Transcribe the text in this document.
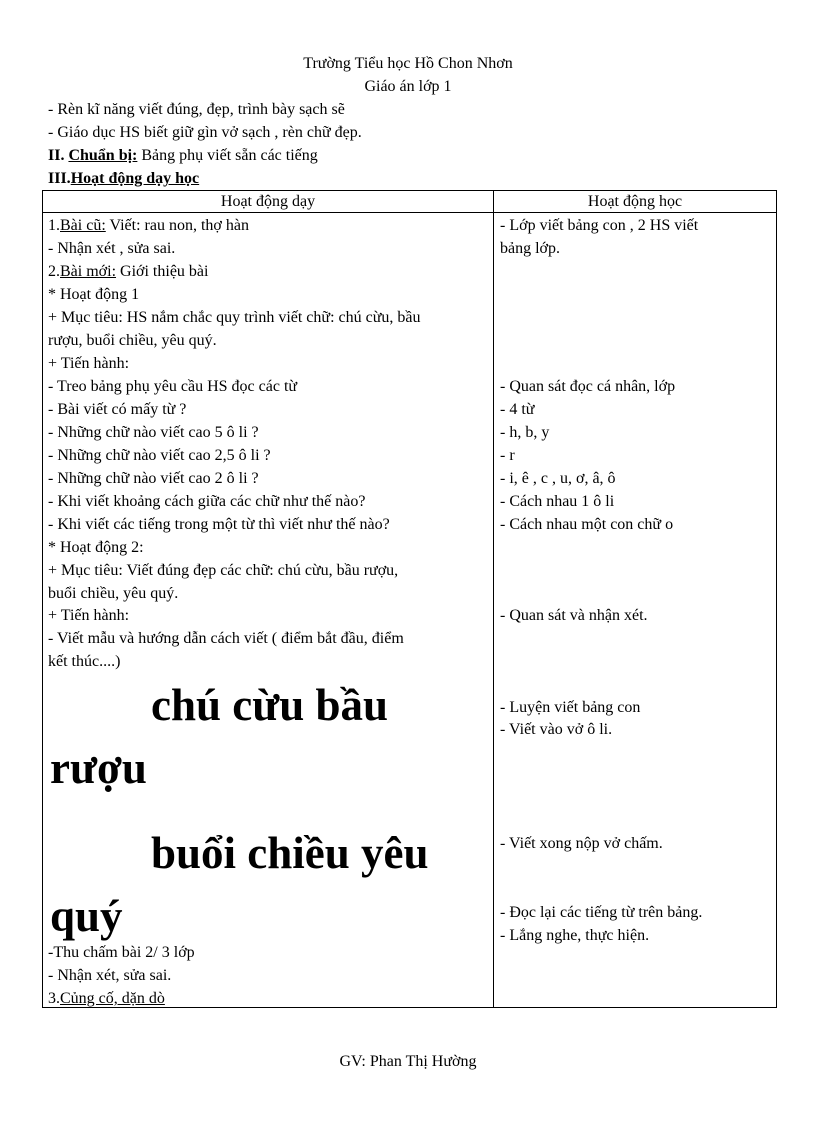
Trường Tiểu học Hồ Chon Nhơn
Giáo án lớp 1
- Rèn kĩ năng viết đúng, đẹp, trình bày sạch sẽ
- Giáo dục HS biết giữ gìn vở sạch , rèn chữ đẹp.
II. Chuẩn bị: Bảng phụ viết sẵn các tiếng
III.Hoạt động dạy học
Hoạt động dạy	Hoạt động học
1.Bài cũ: Viết: rau non, thợ hàn
- Nhận xét , sửa sai.
2.Bài mới: Giới thiệu bài
* Hoạt động 1
+ Mục tiêu: HS nắm chắc quy trình viết chữ: chú cừu, bầu
rượu, buổi chiều, yêu quý.
+ Tiến hành:
- Treo bảng phụ yêu cầu HS đọc các từ
- Bài viết có mấy từ ?
- Những chữ nào viết cao 5 ô li ?
- Những chữ nào viết cao 2,5 ô li ?
- Những chữ nào viết cao 2 ô li ?
- Khi viết khoảng cách giữa các chữ như thế nào?
- Khi viết các tiếng trong một từ thì viết như thế nào?
* Hoạt động 2:
+ Mục tiêu: Viết đúng đẹp các chữ: chú cừu, bầu rượu,
buổi chiều, yêu quý.
+ Tiến hành:
- Viết mẫu và hướng dẫn cách viết ( điểm bắt đầu, điểm
kết thúc....)
chú cừu bầu
rượu
buổi chiều yêu
quý
-Thu chấm bài 2/ 3 lớp
- Nhận xét, sửa sai.
3.Củng cố, dặn dò
- Lớp viết bảng con , 2 HS viết
bảng lớp.
- Quan sát đọc cá nhân, lớp
- 4 từ
- h, b, y
- r
- i, ê , c , u, ơ, â, ô
- Cách nhau 1 ô li
- Cách nhau một con chữ o
- Quan sát và nhận xét.
- Luyện viết bảng con
- Viết vào vở ô li.
- Viết xong nộp vở chấm.
- Đọc lại các tiếng từ trên bảng.
- Lắng nghe, thực hiện.
GV: Phan Thị Hường
